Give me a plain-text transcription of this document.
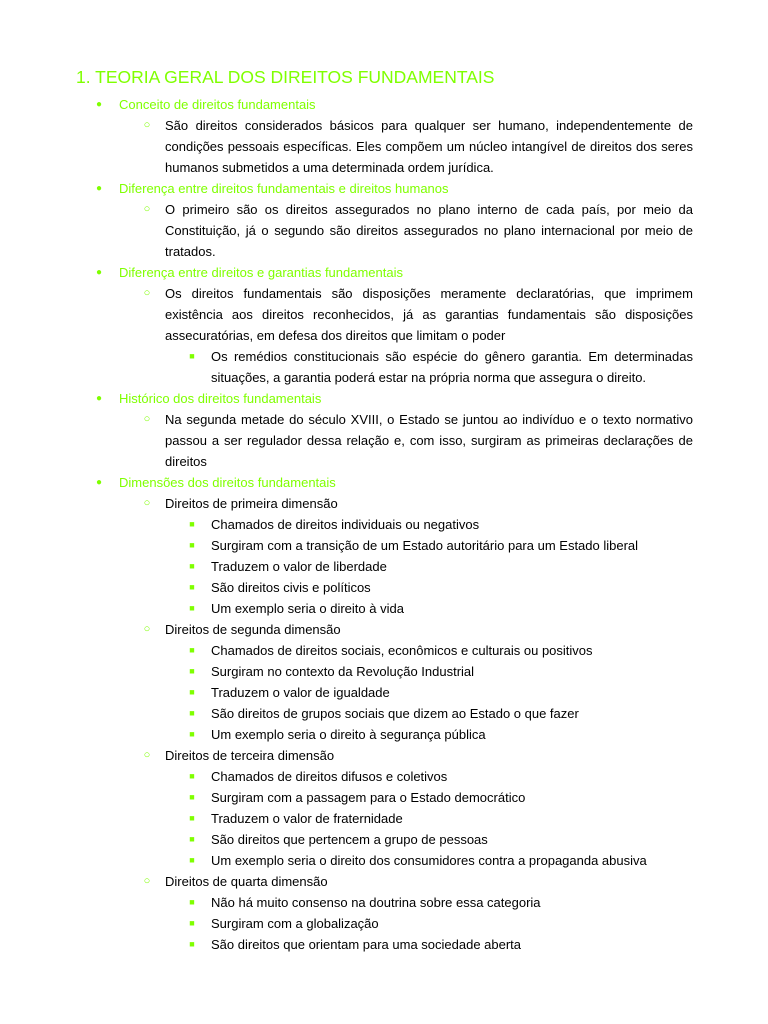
1. TEORIA GERAL DOS DIREITOS FUNDAMENTAIS
●	Conceito de direitos fundamentais
○ São direitos considerados básicos para qualquer ser humano, independentemente de
condições pessoais específicas. Eles compõem um núcleo intangível de direitos dos seres
humanos submetidos a uma determinada ordem jurídica.
●	Diferença entre direitos fundamentais e direitos humanos
○ O primeiro são os direitos assegurados no plano interno de cada país, por meio da
Constituição, já o segundo são direitos assegurados no plano internacional por meio de
tratados.
●	Diferença entre direitos e garantias fundamentais
○ Os direitos fundamentais são disposições meramente declaratórias, que imprimem
existência aos direitos reconhecidos, já as garantias fundamentais são disposições
assecuratórias, em defesa dos direitos que limitam o poder
■	Os remédios constitucionais são espécie do gênero garantia. Em determinadas
situações, a garantia poderá estar na própria norma que assegura o direito.
●	Histórico dos direitos fundamentais
○ Na segunda metade do século XVIII, o Estado se juntou ao indivíduo e o texto normativo
passou a ser regulador dessa relação e, com isso, surgiram as primeiras declarações de
direitos
●	Dimensões dos direitos fundamentais
○ Direitos de primeira dimensão
■	Chamados de direitos individuais ou negativos
■	Surgiram com a transição de um Estado autoritário para um Estado liberal
■	Traduzem o valor de liberdade
■	São direitos civis e políticos
■	Um exemplo seria o direito à vida
○ Direitos de segunda dimensão
■	Chamados de direitos sociais, econômicos e culturais ou positivos
■	Surgiram no contexto da Revolução Industrial
■	Traduzem o valor de igualdade
■	São direitos de grupos sociais que dizem ao Estado o que fazer
■	Um exemplo seria o direito à segurança pública
○ Direitos de terceira dimensão
■	Chamados de direitos difusos e coletivos
■	Surgiram com a passagem para o Estado democrático
■	Traduzem o valor de fraternidade
■	São direitos que pertencem a grupo de pessoas
■	Um exemplo seria o direito dos consumidores contra a propaganda abusiva
○ Direitos de quarta dimensão
■	Não há muito consenso na doutrina sobre essa categoria
■	Surgiram com a globalização
■	São direitos que orientam para uma sociedade aberta
